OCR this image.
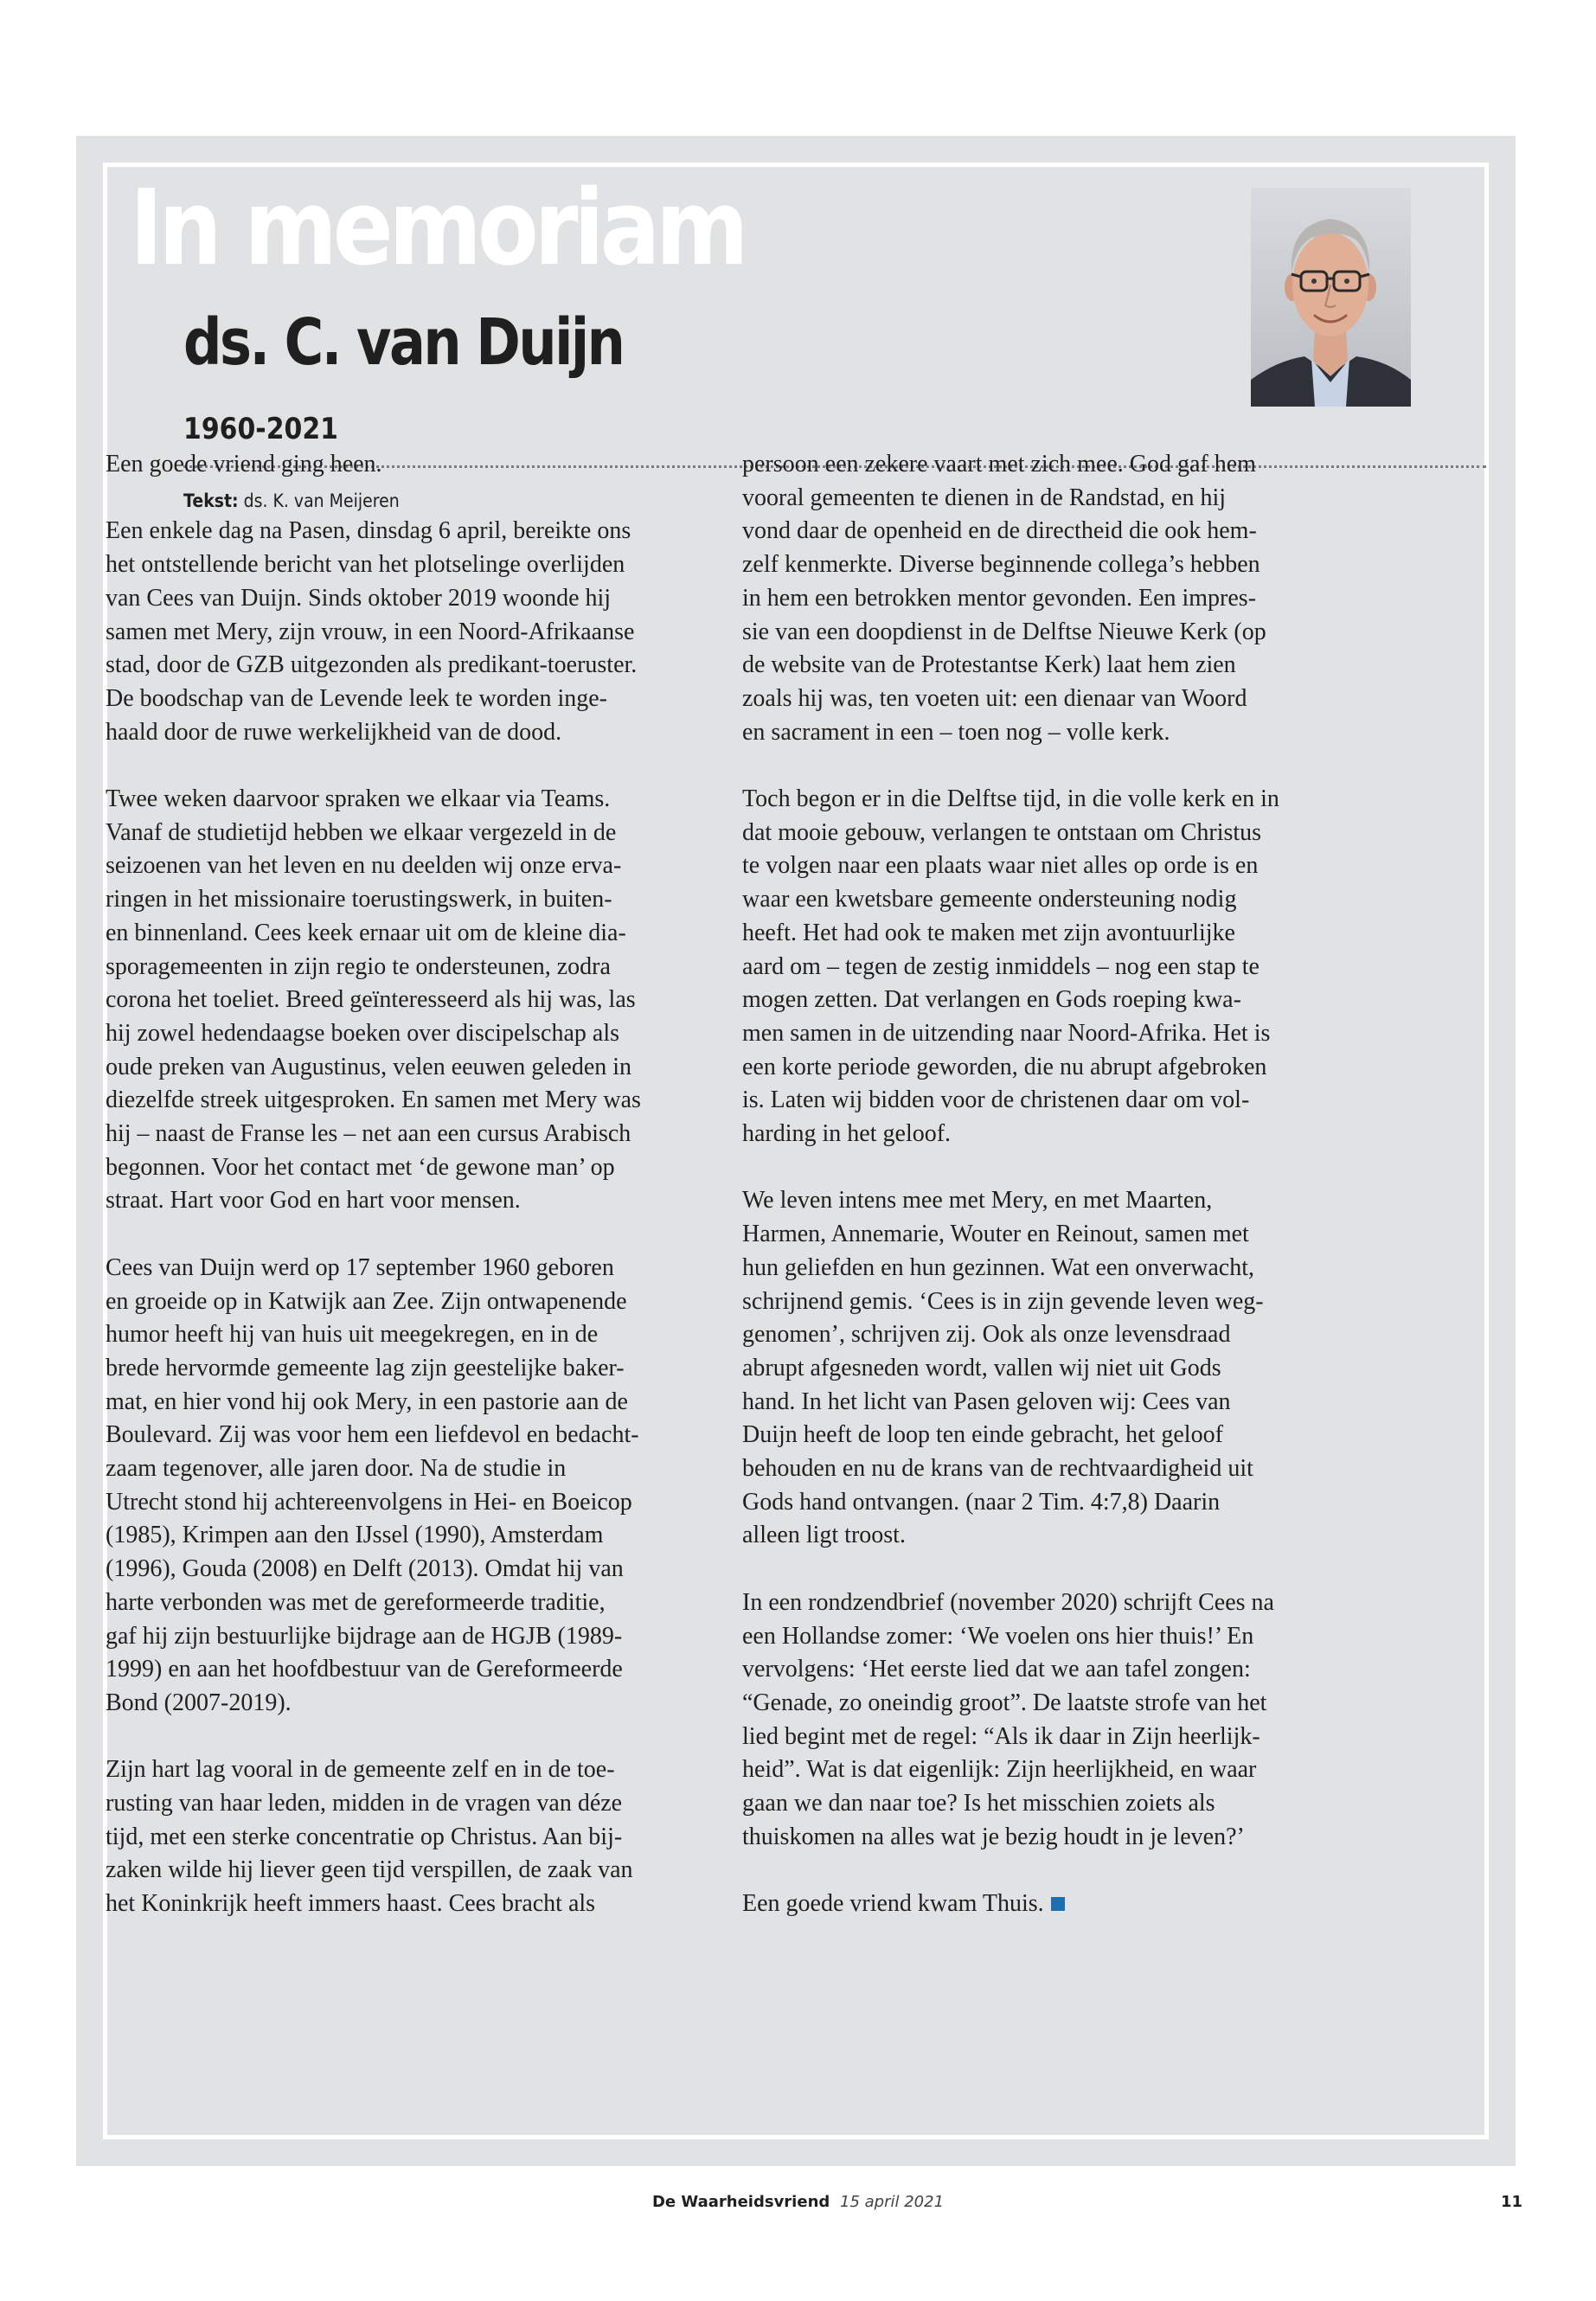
In memoriam
ds. C. van Duijn
1960-2021
Tekst: ds. K. van Meijeren

Een goede vriend ging heen.

Een enkele dag na Pasen, dinsdag 6 april, bereikte ons
het ontstellende bericht van het plotselinge overlijden
van Cees van Duijn. Sinds oktober 2019 woonde hij
samen met Mery, zijn vrouw, in een Noord-Afrikaanse
stad, door de GZB uitgezonden als predikant-toeruster.
De boodschap van de Levende leek te worden inge-
haald door de ruwe werkelijkheid van de dood.

Twee weken daarvoor spraken we elkaar via Teams.
Vanaf de studietijd hebben we elkaar vergezeld in de
seizoenen van het leven en nu deelden wij onze erva-
ringen in het missionaire toerustingswerk, in buiten-
en binnenland. Cees keek ernaar uit om de kleine dia-
sporagemeenten in zijn regio te ondersteunen, zodra
corona het toeliet. Breed geïnteresseerd als hij was, las
hij zowel hedendaagse boeken over discipelschap als
oude preken van Augustinus, velen eeuwen geleden in
diezelfde streek uitgesproken. En samen met Mery was
hij – naast de Franse les – net aan een cursus Arabisch
begonnen. Voor het contact met ‘de gewone man’ op
straat. Hart voor God en hart voor mensen.

Cees van Duijn werd op 17 september 1960 geboren
en groeide op in Katwijk aan Zee. Zijn ontwapenende
humor heeft hij van huis uit meegekregen, en in de
brede hervormde gemeente lag zijn geestelijke baker-
mat, en hier vond hij ook Mery, in een pastorie aan de
Boulevard. Zij was voor hem een liefdevol en bedacht-
zaam tegenover, alle jaren door. Na de studie in
Utrecht stond hij achtereenvolgens in Hei- en Boeicop
(1985), Krimpen aan den IJssel (1990), Amsterdam
(1996), Gouda (2008) en Delft (2013). Omdat hij van
harte verbonden was met de gereformeerde traditie,
gaf hij zijn bestuurlijke bijdrage aan de HGJB (1989-
1999) en aan het hoofdbestuur van de Gereformeerde
Bond (2007-2019).

Zijn hart lag vooral in de gemeente zelf en in de toe-
rusting van haar leden, midden in de vragen van déze
tijd, met een sterke concentratie op Christus. Aan bij-
zaken wilde hij liever geen tijd verspillen, de zaak van
het Koninkrijk heeft immers haast. Cees bracht als

persoon een zekere vaart met zich mee. God gaf hem
vooral gemeenten te dienen in de Randstad, en hij
vond daar de openheid en de directheid die ook hem-
zelf kenmerkte. Diverse beginnende collega’s hebben
in hem een betrokken mentor gevonden. Een impres-
sie van een doopdienst in de Delftse Nieuwe Kerk (op
de website van de Protestantse Kerk) laat hem zien
zoals hij was, ten voeten uit: een dienaar van Woord
en sacrament in een – toen nog – volle kerk.

Toch begon er in die Delftse tijd, in die volle kerk en in
dat mooie gebouw, verlangen te ontstaan om Christus
te volgen naar een plaats waar niet alles op orde is en
waar een kwetsbare gemeente ondersteuning nodig
heeft. Het had ook te maken met zijn avontuurlijke
aard om – tegen de zestig inmiddels – nog een stap te
mogen zetten. Dat verlangen en Gods roeping kwa-
men samen in de uitzending naar Noord-Afrika. Het is
een korte periode geworden, die nu abrupt afgebroken
is. Laten wij bidden voor de christenen daar om vol-
harding in het geloof.

We leven intens mee met Mery, en met Maarten,
Harmen, Annemarie, Wouter en Reinout, samen met
hun geliefden en hun gezinnen. Wat een onverwacht,
schrijnend gemis. ‘Cees is in zijn gevende leven weg-
genomen’, schrijven zij. Ook als onze levensdraad
abrupt afgesneden wordt, vallen wij niet uit Gods
hand. In het licht van Pasen geloven wij: Cees van
Duijn heeft de loop ten einde gebracht, het geloof
behouden en nu de krans van de rechtvaardigheid uit
Gods hand ontvangen. (naar 2 Tim. 4:7,8) Daarin
alleen ligt troost.

In een rondzendbrief (november 2020) schrijft Cees na
een Hollandse zomer: ‘We voelen ons hier thuis!’ En
vervolgens: ‘Het eerste lied dat we aan tafel zongen:
“Genade, zo oneindig groot”. De laatste strofe van het
lied begint met de regel: “Als ik daar in Zijn heerlijk-
heid”. Wat is dat eigenlijk: Zijn heerlijkheid, en waar
gaan we dan naar toe? Is het misschien zoiets als
thuiskomen na alles wat je bezig houdt in je leven?’

Een goede vriend kwam Thuis.

De Waarheidsvriend 15 april 2021	11
